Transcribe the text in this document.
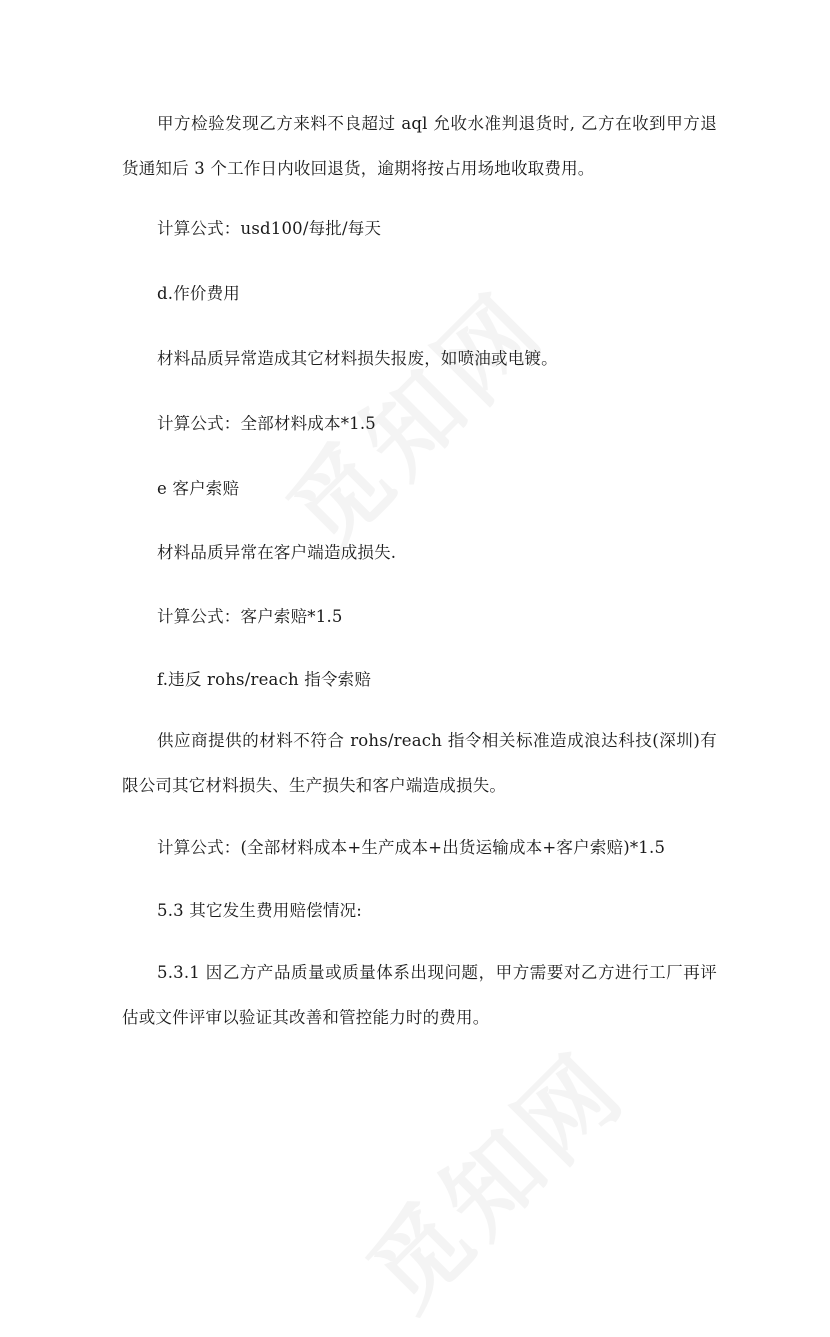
甲方检验发现乙方来料不良超过 aql 允收水准判退货时, 乙方在收到甲方退货通知后 3 个工作日内收回退货，逾期将按占用场地收取费用。

计算公式：usd100/每批/每天

d.作价费用

材料品质异常造成其它材料损失报废，如喷油或电镀。

计算公式：全部材料成本*1.5

e 客户索赔

材料品质异常在客户端造成损失.

计算公式：客户索赔*1.5

f.违反 rohs/reach 指令索赔

供应商提供的材料不符合 rohs/reach 指令相关标准造成浪达科技(深圳)有限公司其它材料损失、生产损失和客户端造成损失。

计算公式：(全部材料成本+生产成本+出货运输成本+客户索赔)*1.5

5.3 其它发生费用赔偿情况:

5.3.1 因乙方产品质量或质量体系出现问题，甲方需要对乙方进行工厂再评估或文件评审以验证其改善和管控能力时的费用。
